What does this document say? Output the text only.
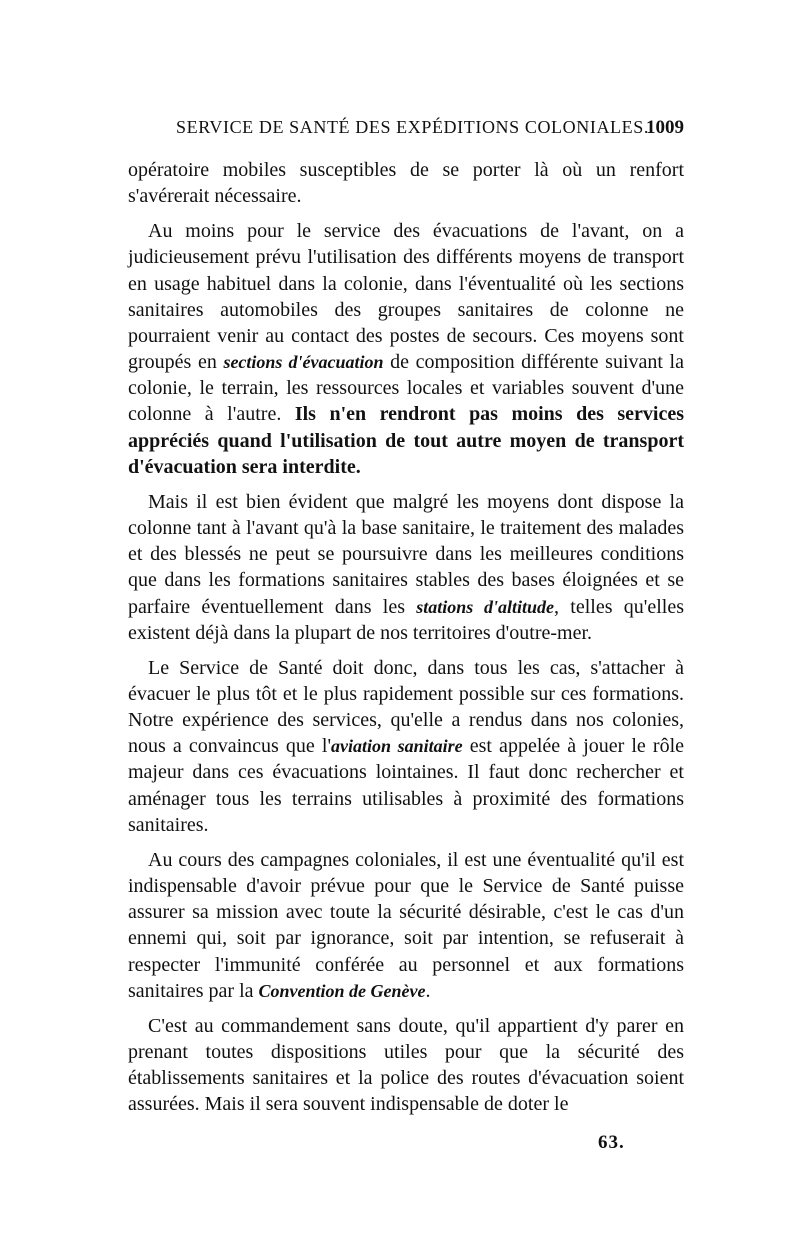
SERVICE DE SANTÉ DES EXPÉDITIONS COLONIALES.
1009

opératoire mobiles susceptibles de se porter là où un renfort s'avérerait nécessaire.

Au moins pour le service des évacuations de l'avant, on a judicieusement prévu l'utilisation des différents moyens de transport en usage habituel dans la colonie, dans l'éventualité où les sections sanitaires automobiles des groupes sanitaires de colonne ne pourraient venir au contact des postes de secours. Ces moyens sont groupés en sections d'évacuation de composition différente suivant la colonie, le terrain, les ressources locales et variables souvent d'une colonne à l'autre. Ils n'en rendront pas moins des services appréciés quand l'utilisation de tout autre moyen de transport d'évacuation sera interdite.

Mais il est bien évident que malgré les moyens dont dispose la colonne tant à l'avant qu'à la base sanitaire, le traitement des malades et des blessés ne peut se poursuivre dans les meilleures conditions que dans les formations sanitaires stables des bases éloignées et se parfaire éventuellement dans les stations d'altitude, telles qu'elles existent déjà dans la plupart de nos territoires d'outre-mer.

Le Service de Santé doit donc, dans tous les cas, s'attacher à évacuer le plus tôt et le plus rapidement possible sur ces formations. Notre expérience des services, qu'elle a rendus dans nos colonies, nous a convaincus que l'aviation sanitaire est appelée à jouer le rôle majeur dans ces évacuations lointaines. Il faut donc rechercher et aménager tous les terrains utilisables à proximité des formations sanitaires.

Au cours des campagnes coloniales, il est une éventualité qu'il est indispensable d'avoir prévue pour que le Service de Santé puisse assurer sa mission avec toute la sécurité désirable, c'est le cas d'un ennemi qui, soit par ignorance, soit par intention, se refuserait à respecter l'immunité conférée au personnel et aux formations sanitaires par la Convention de Genève.

C'est au commandement sans doute, qu'il appartient d'y parer en prenant toutes dispositions utiles pour que la sécurité des établissements sanitaires et la police des routes d'évacuation soient assurées. Mais il sera souvent indispensable de doter le

63.
